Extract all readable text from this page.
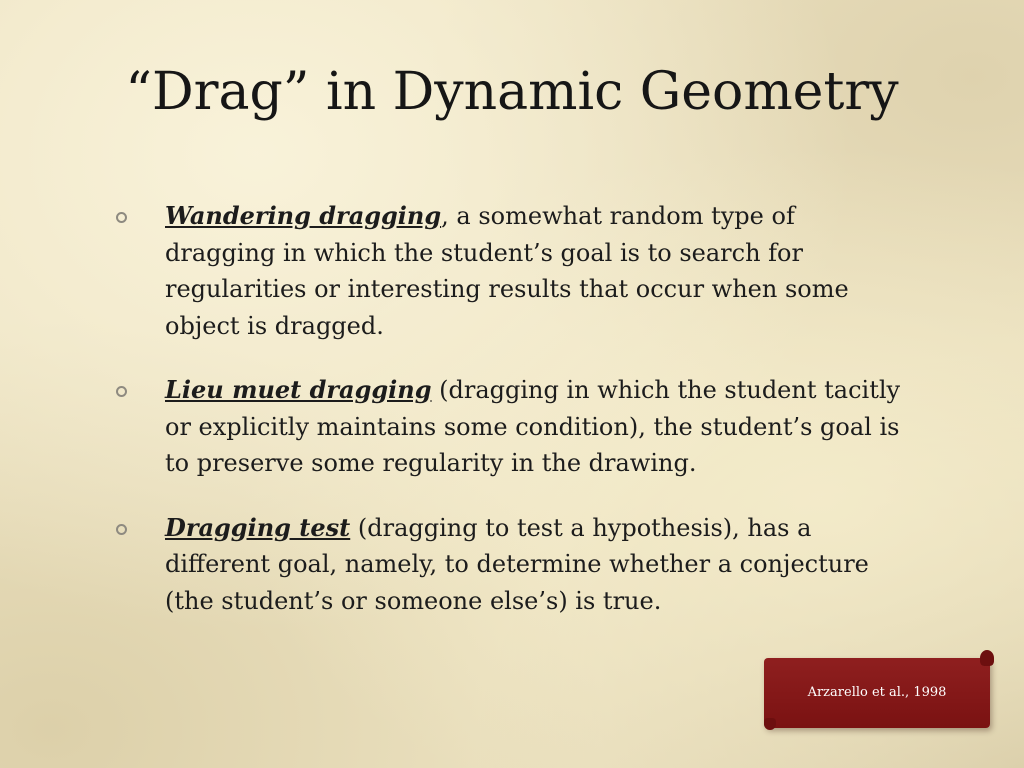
“Drag” in Dynamic Geometry
Wandering dragging, a somewhat random type of dragging in which the student’s goal is to search for regularities or interesting results that occur when some object is dragged.
Lieu muet dragging (dragging in which the student tacitly or explicitly maintains some condition), the student’s goal is to preserve some regularity in the drawing.
Dragging test (dragging to test a hypothesis), has a different goal, namely, to determine whether a conjecture (the student’s or someone else’s) is true.
Arzarello et al., 1998
